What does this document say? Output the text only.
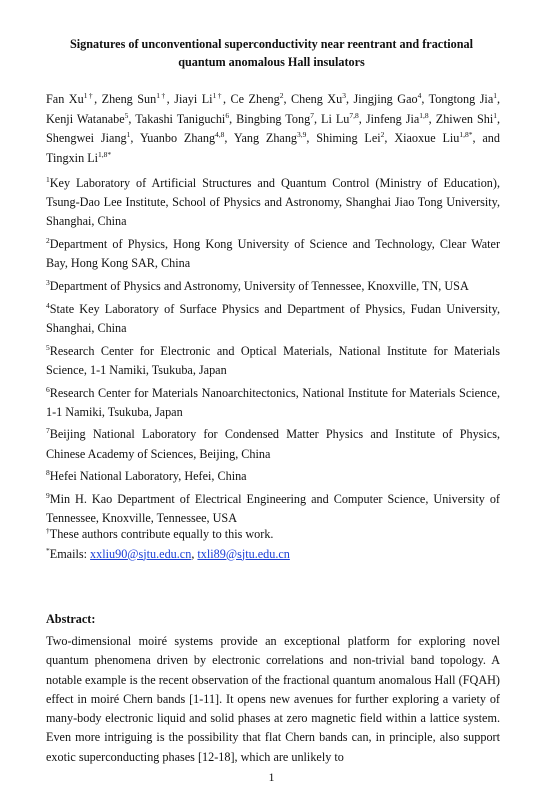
Signatures of unconventional superconductivity near reentrant and fractional
quantum anomalous Hall insulators
Fan $Xu^{1\dagger}$, Zheng Sun$^{1\dagger}$, Jiayi $Li^{1\dagger}$, Ce Zheng$^2$, Cheng Xu$^3$, Jingjing Gao$^4$, Tongtong Jia$^1$, Kenji Watanabe$^5$, Takashi Taniguchi$^6$, Bingbing Tong$^7$, Li Lu$^{7,8}$, Jinfeng Jia$^{1,8}$, Zhiwen Shi$^1$, Shengwei Jiang$^1$, Yuanbo Zhang$^{4,8}$, Yang Zhang$^{3,9}$, Shiming Lei$^2$, Xiaoxue Liu$^{1,8*}$, and Tingxin $Li^{1,8*}$
$^1$Key Laboratory of Artificial Structures and Quantum Control (Ministry of Education), Tsung-Dao Lee Institute, School of Physics and Astronomy, Shanghai Jiao Tong University, Shanghai, China
$^2$Department of Physics, Hong Kong University of Science and Technology, Clear Water Bay, Hong Kong SAR, China
$^3$Department of Physics and Astronomy, University of Tennessee, Knoxville, TN, USA
$^4$State Key Laboratory of Surface Physics and Department of Physics, Fudan University, Shanghai, China
$^5$Research Center for Electronic and Optical Materials, National Institute for Materials Science, 1-1 Namiki, Tsukuba, Japan
$^6$Research Center for Materials Nanoarchitectonics, National Institute for Materials Science, 1-1 Namiki, Tsukuba, Japan
$^7$Beijing National Laboratory for Condensed Matter Physics and Institute of Physics, Chinese Academy of Sciences, Beijing, China
$^8$Hefei National Laboratory, Hefei, China
$^9$Min H. Kao Department of Electrical Engineering and Computer Science, University of Tennessee, Knoxville, Tennessee, USA
†These authors contribute equally to this work.
*Emails: xxliu90@sjtu.edu.cn, txli89@sjtu.edu.cn
Abstract:
Two-dimensional moiré systems provide an exceptional platform for exploring novel quantum phenomena driven by electronic correlations and non-trivial band topology. A notable example is the recent observation of the fractional quantum anomalous Hall (FQAH) effect in moiré Chern bands [1-11]. It opens new avenues for further exploring a variety of many-body electronic liquid and solid phases at zero magnetic field within a lattice system. Even more intriguing is the possibility that flat Chern bands can, in principle, also support exotic superconducting phases [12-18], which are unlikely to
1
